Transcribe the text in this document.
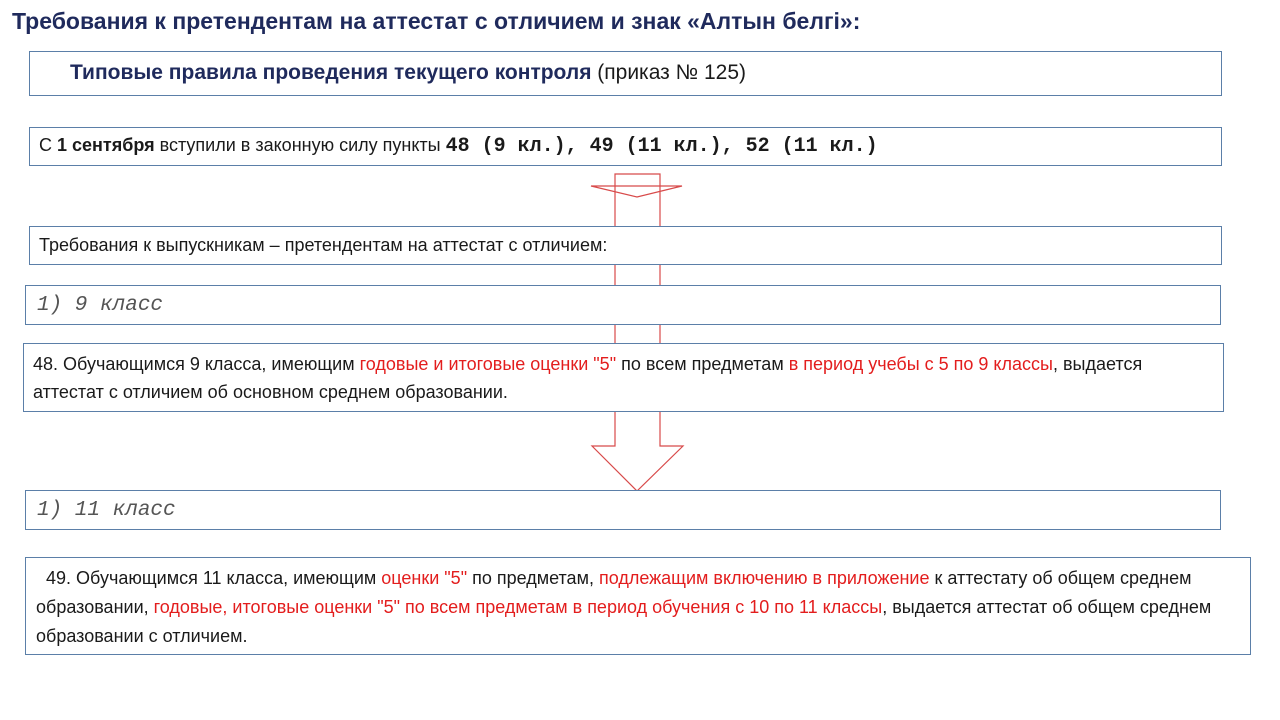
Требования к претендентам на аттестат с отличием и знак «Алтын белгі»:
Типовые правила проведения текущего контроля (приказ № 125)
С 1 сентября вступили в законную силу пункты 48 (9 кл.), 49 (11 кл.), 52 (11 кл.)
Требования к выпускникам – претендентам на аттестат с отличием:
1) 9 класс
48. Обучающимся 9 класса, имеющим годовые и итоговые оценки "5" по всем предметам в период учебы с 5 по 9 классы, выдается аттестат с отличием об основном среднем образовании.
1) 11 класс
49. Обучающимся 11 класса, имеющим оценки "5" по предметам, подлежащим включению в приложение к аттестату об общем среднем образовании, годовые, итоговые оценки "5" по всем предметам в период обучения с 10 по 11 классы, выдается аттестат об общем среднем образовании с отличием.
